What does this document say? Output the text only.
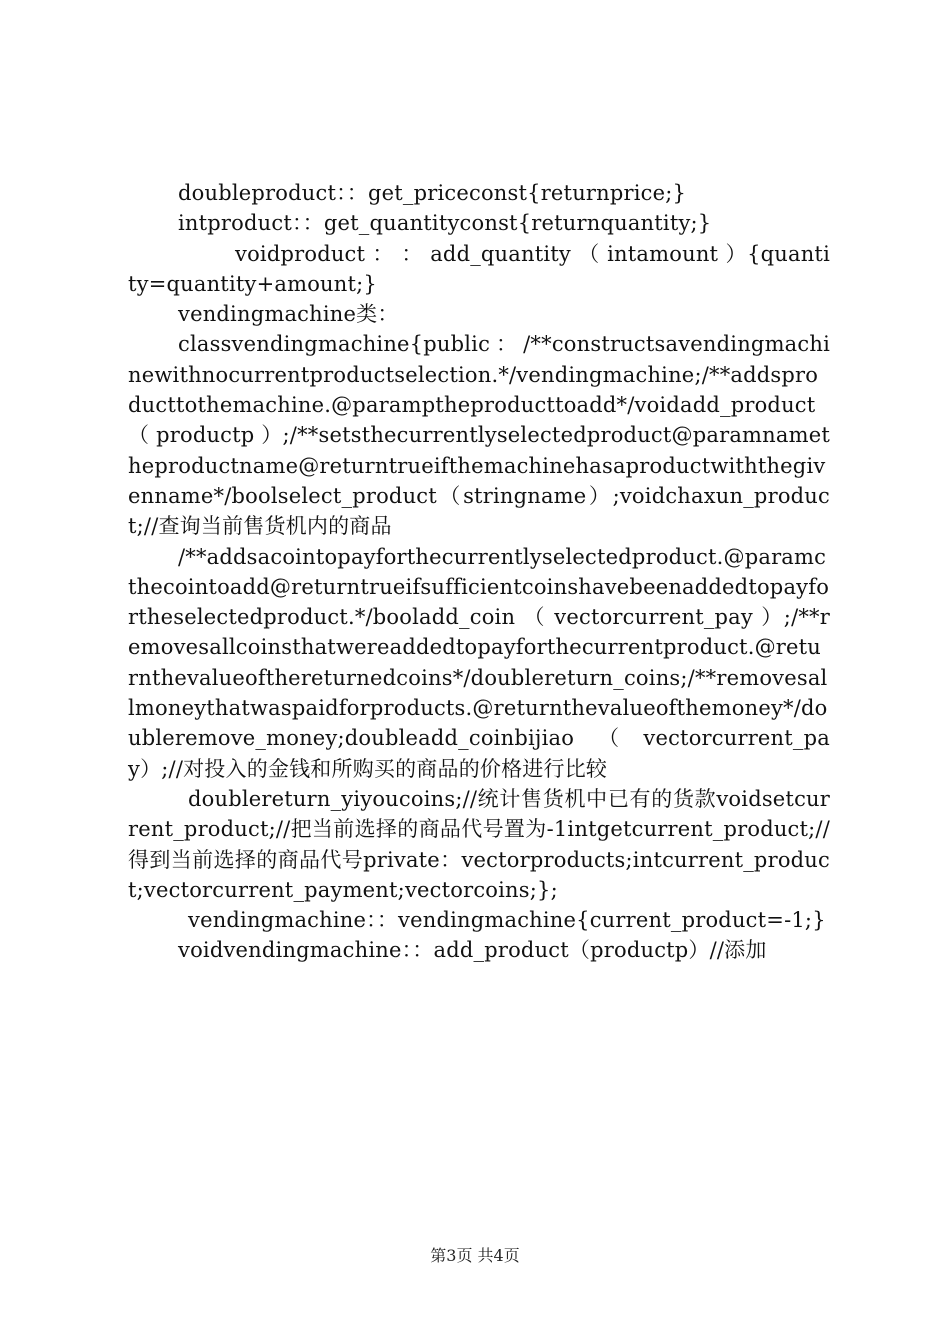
doubleproduct：：get_priceconst{returnprice;}

intproduct：：get_quantityconst{returnquantity;}

voidproduct ： ： add_quantity （ intamount ）{quantity=quantity+amount;}

vendingmachine类：

classvendingmachine{public：/**constructsavendingmachinewithnocurrentproductselection.*/vendingmachine;/**addsproducttothemachine.@paramptheproducttoadd*/voidadd_product （ productp ）;/**setsthecurrentlyselectedproduct@paramnametheproductname@returntrueifthemachinehasaproductwiththegivenname*/boolselect_product（stringname）;voidchaxun_product;//查询当前售货机内的商品

/**addsacointopayforthecurrentlyselectedproduct.@paramcthecointoadd@returntrueifsufficientcoinshavebeenaddedtopayfortheselectedproduct.*/booladd_coin （ vectorcurrent_pay ）;/**removesallcoinsthatwereaddedtopayforthecurrentproduct.@returnthevalueofthereturnedcoins*/doublereturn_coins;/**removesallmoneythatwaspaidforproducts.@returnthevalueofthemoney*/doubleremove_money;doubleadd_coinbijiao（vectorcurrent_pay）;//对投入的金钱和所购买的商品的价格进行比较

doublereturn_yiyoucoins;//统计售货机中已有的货款voidsetcurrent_product;//把当前选择的商品代号置为-1intgetcurrent_product;//得到当前选择的商品代号private：vectorproducts;intcurrent_product;vectorcurrent_payment;vectorcoins;};

vendingmachine：：vendingmachine{current_product=-1;}

voidvendingmachine：：add_product（productp）//添加

第3页 共4页
